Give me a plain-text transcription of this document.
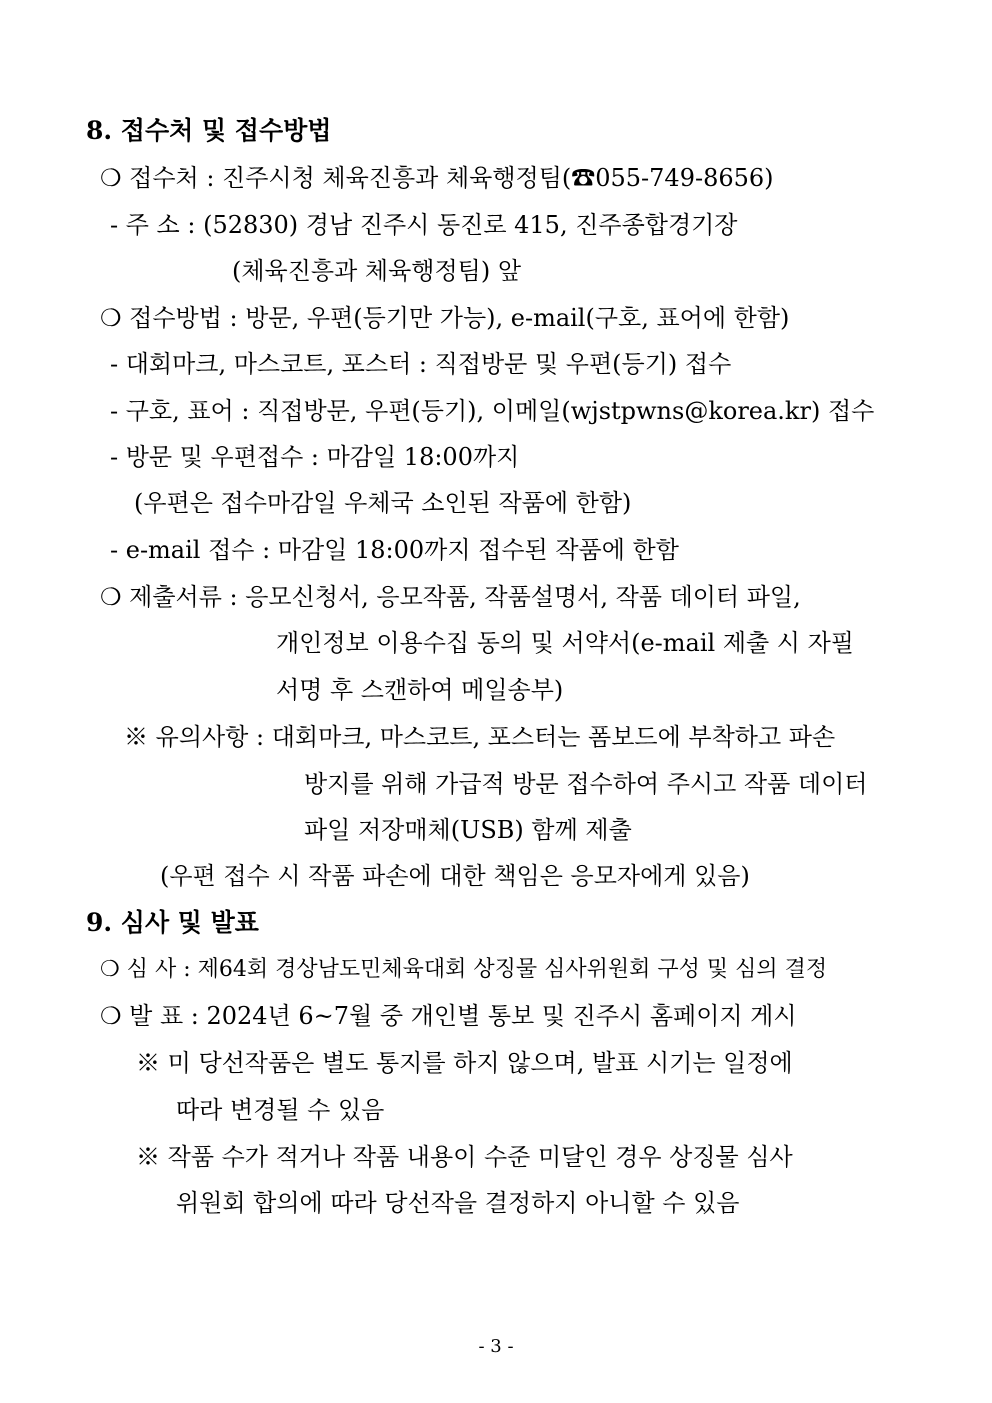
8. 접수처 및 접수방법
❍ 접수처 : 진주시청 체육진흥과 체육행정팀(☎055-749-8656)
- 주 소 : (52830) 경남 진주시 동진로 415, 진주종합경기장
(체육진흥과 체육행정팀) 앞
❍ 접수방법 : 방문, 우편(등기만 가능), e-mail(구호, 표어에 한함)
- 대회마크, 마스코트, 포스터 : 직접방문 및 우편(등기) 접수
- 구호, 표어 : 직접방문, 우편(등기), 이메일(wjstpwns@korea.kr) 접수
- 방문 및 우편접수 : 마감일 18:00까지
(우편은 접수마감일 우체국 소인된 작품에 한함)
- e-mail 접수 : 마감일 18:00까지 접수된 작품에 한함
❍ 제출서류 : 응모신청서, 응모작품, 작품설명서, 작품 데이터 파일,
개인정보 이용수집 동의 및 서약서(e-mail 제출 시 자필
서명 후 스캔하여 메일송부)
※ 유의사항 : 대회마크, 마스코트, 포스터는 폼보드에 부착하고 파손
방지를 위해 가급적 방문 접수하여 주시고 작품 데이터
파일 저장매체(USB) 함께 제출
(우편 접수 시 작품 파손에 대한 책임은 응모자에게 있음)
9. 심사 및 발표
❍ 심 사 : 제64회 경상남도민체육대회 상징물 심사위원회 구성 및 심의 결정
❍ 발 표 : 2024년 6~7월 중 개인별 통보 및 진주시 홈페이지 게시
※ 미 당선작품은 별도 통지를 하지 않으며, 발표 시기는 일정에
따라 변경될 수 있음
※ 작품 수가 적거나 작품 내용이 수준 미달인 경우 상징물 심사
위원회 합의에 따라 당선작을 결정하지 아니할 수 있음
- 3 -
